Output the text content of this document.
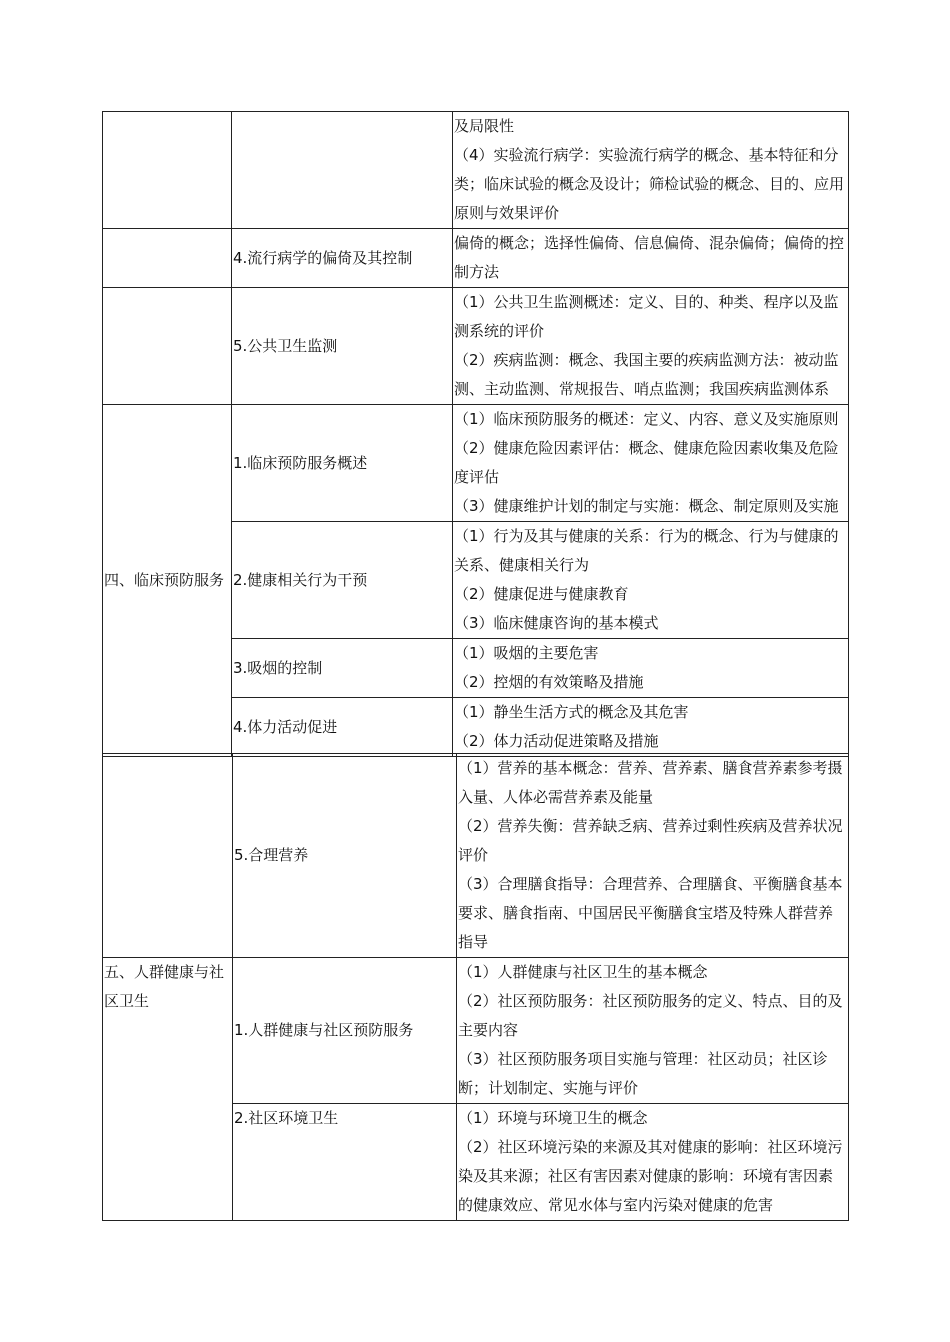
		及局限性
（4）实验流行病学：实验流行病学的概念、基本特征和分类；临床试验的概念及设计；筛检试验的概念、目的、应用原则与效果评价

	4.流行病学的偏倚及其控制	偏倚的概念；选择性偏倚、信息偏倚、混杂偏倚；偏倚的控制方法

	5.公共卫生监测	（1）公共卫生监测概述：定义、目的、种类、程序以及监测系统的评价
（2）疾病监测：概念、我国主要的疾病监测方法：被动监测、主动监测、常规报告、哨点监测；我国疾病监测体系

四、临床预防服务	1.临床预防服务概述	（1）临床预防服务的概述：定义、内容、意义及实施原则
（2）健康危险因素评估：概念、健康危险因素收集及危险度评估
（3）健康维护计划的制定与实施：概念、制定原则及实施

	2.健康相关行为干预	（1）行为及其与健康的关系：行为的概念、行为与健康的关系、健康相关行为
（2）健康促进与健康教育
（3）临床健康咨询的基本模式

	3.吸烟的控制	（1）吸烟的主要危害
（2）控烟的有效策略及措施

	4.体力活动促进	（1）静坐生活方式的概念及其危害
（2）体力活动促进策略及措施
	5.合理营养	（1）营养的基本概念：营养、营养素、膳食营养素参考摄入量、人体必需营养素及能量
（2）营养失衡：营养缺乏病、营养过剩性疾病及营养状况评价
（3）合理膳食指导：合理营养、合理膳食、平衡膳食基本要求、膳食指南、中国居民平衡膳食宝塔及特殊人群营养指导

五、人群健康与社区卫生	1.人群健康与社区预防服务	（1）人群健康与社区卫生的基本概念
（2）社区预防服务：社区预防服务的定义、特点、目的及主要内容
（3）社区预防服务项目实施与管理：社区动员；社区诊断；计划制定、实施与评价

	2.社区环境卫生	（1）环境与环境卫生的概念
（2）社区环境污染的来源及其对健康的影响：社区环境污染及其来源；社区有害因素对健康的影响：环境有害因素的健康效应、常见水体与室内污染对健康的危害
